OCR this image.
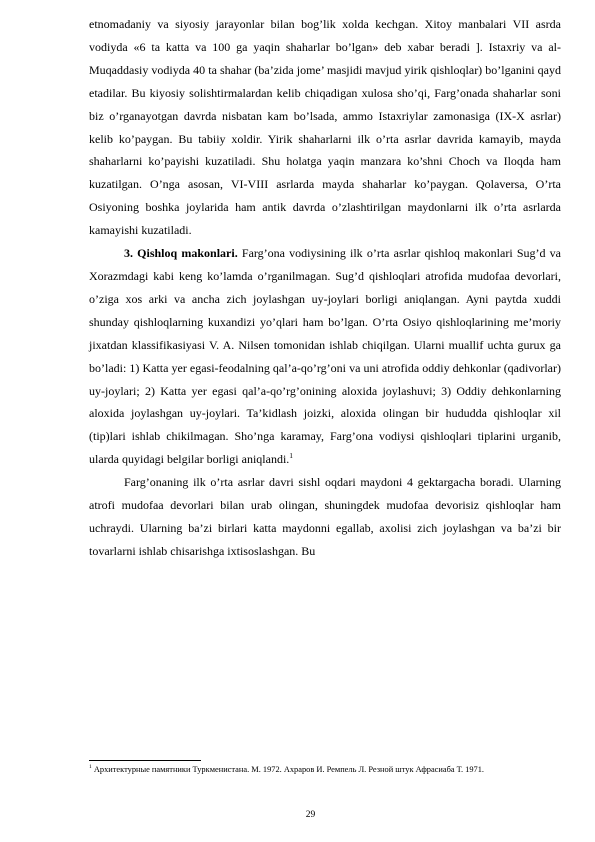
etnomadaniy va siyosiy jarayonlar bilan bog’lik xolda kechgan. Xitoy manbalari VII asrda vodiyda «6 ta katta va 100 ga yaqin shaharlar bo’lgan» deb xabar beradi ]. Istaxriy va al-Muqaddasiy vodiyda 40 ta shahar (ba’zida jome’ masjidi mavjud yirik qishloqlar) bo’lganini qayd etadilar. Bu kiyosiy solishtirmalardan kelib chiqadigan xulosa sho’qi, Farg’onada shaharlar soni biz o’rganayotgan davrda nisbatan kam bo’lsada, ammo Istaxriylar zamonasiga (IX-X asrlar) kelib ko’paygan. Bu tabiiy xoldir. Yirik shaharlarni ilk o’rta asrlar davrida kamayib, mayda shaharlarni ko’payishi kuzatiladi. Shu holatga yaqin manzara ko’shni Choch va Iloqda ham kuzatilgan. O’nga asosan, VI-VIII asrlarda mayda shaharlar ko’paygan. Qolaversa, O’rta Osiyoning boshka joylarida ham antik davrda o’zlashtirilgan maydonlarni ilk o’rta asrlarda kamayishi kuzatiladi.

3. Qishloq makonlari. Farg’ona vodiysining ilk o’rta asrlar qishloq makonlari Sug’d va Xorazmdagi kabi keng ko’lamda o’rganilmagan. Sug’d qishloqlari atrofida mudofaa devorlari, o’ziga xos arki va ancha zich joylashgan uy-joylari borligi aniqlangan. Ayni paytda xuddi shunday qishloqlarning kuxandizi yo’qlari ham bo’lgan. O’rta Osiyo qishloqlarining me’moriy jixatdan klassifikasiyasi V. A. Nilsen tomonidan ishlab chiqilgan. Ularni muallif uchta gurux ga bo’ladi: 1) Katta yer egasi-feodalning qal’a-qo’rg’oni va uni atrofida oddiy dehkonlar (qadivorlar) uy-joylari; 2) Katta yer egasi qal’a-qo’rg’onining aloxida joylashuvi; 3) Oddiy dehkonlarning aloxida joylashgan uy-joylari. Ta’kidlash joizki, aloxida olingan bir hududda qishloqlar xil (tip)lari ishlab chikilmagan. Sho’nga karamay, Farg’ona vodiysi qishloqlari tiplarini urganib, ularda quyidagi belgilar borligi aniqlandi.$^1$

Farg’onaning ilk o’rta asrlar davri sishl oqdari maydoni 4 gektargacha boradi. Ularning atrofi mudofaa devorlari bilan urab olingan, shuningdek mudofaa devorisiz qishloqlar ham uchraydi. Ularning ba’zi birlari katta maydonni egallab, axolisi zich joylashgan va ba’zi bir tovarlarni ishlab chisarishga ixtisoslashgan. Bu

$^1$ Архитектурные памятники Туркменистана. М. 1972. Ахраров И. Ремпель Л. Резной штук Афрасиаба Т. 1971.
29
